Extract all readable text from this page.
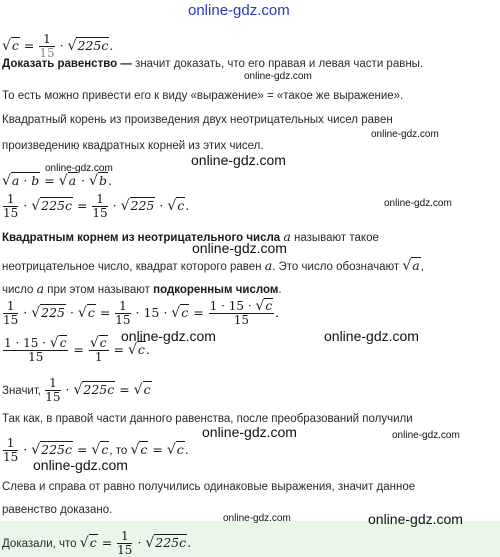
online-gdz.com
$√c = \frac{1}{15} \cdot √225c$.
Доказать равенство — значит доказать, что его правая и левая части равны.
online-gdz.com
То есть можно привести его к виду «выражение» = «такое же выражение».
Квадратный корень из произведения двух неотрицательных чисел равен
online-gdz.com
произведению квадратных корней из этих чисел.
online-gdz.com
online-gdz.com
√a · b = √a · √b.
$\frac{1}{15} \cdot √225c = \frac{1}{15} \cdot √225 \cdot √c$.	online-gdz.com
Квадратным корнем из неотрицательного числа a называют такое
online-gdz.com
неотрицательное число, квадрат которого равен a. Это число обозначают √a,
число a при этом называют подкоренным числом.
$\frac{1}{15} \cdot √225 \cdot √c = \frac{1}{15} \cdot 15 \cdot √c = \frac{1 \cdot 15 \cdot √c}{15}$ .
online-gdz.com	online-gdz.com
$\frac{1 \cdot 15 \cdot √c}{15} = \frac{√c}{1} = √c$.
Значит, $\frac{1}{15} \cdot √225c = √c$
Так как, в правой части данного равенства, после преобразований получили
online-gdz.com	online-gdz.com
$\frac{1}{15} \cdot √225c = √c$, то √c = √c.
online-gdz.com
Слева и справа от равно получились одинаковые выражения, значит данное
равенство доказано.
online-gdz.com	online-gdz.com
Доказали, что $√c = \frac{1}{15} \cdot √225c$.
